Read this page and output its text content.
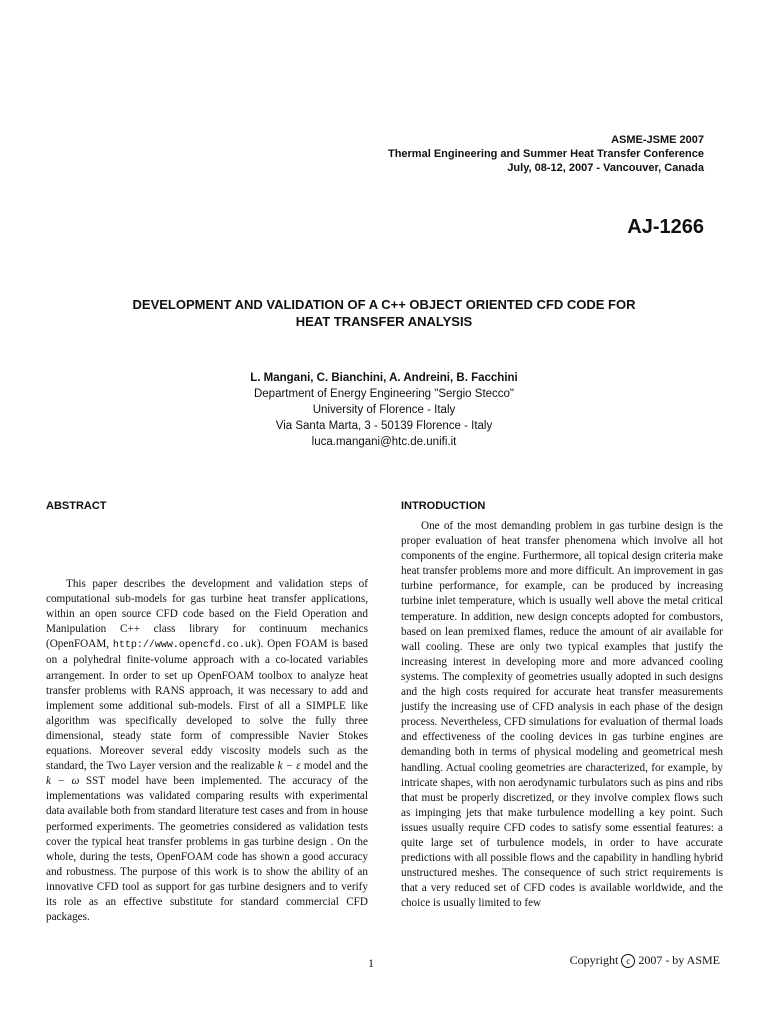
ASME-JSME 2007
Thermal Engineering and Summer Heat Transfer Conference
July, 08-12, 2007 - Vancouver, Canada
AJ-1266
DEVELOPMENT AND VALIDATION OF A C++ OBJECT ORIENTED CFD CODE FOR
HEAT TRANSFER ANALYSIS
L. Mangani, C. Bianchini, A. Andreini, B. Facchini
Department of Energy Engineering "Sergio Stecco"
University of Florence - Italy
Via Santa Marta, 3 - 50139 Florence - Italy
luca.mangani@htc.de.unifi.it
ABSTRACT	INTRODUCTION
This paper describes the development and validation steps of computational sub-models for gas turbine heat transfer applications, within an open source CFD code based on the Field Operation and Manipulation C++ class library for continuum mechanics (OpenFOAM, http://www.opencfd.co.uk). Open FOAM is based on a polyhedral finite-volume approach with a co-located variables arrangement. In order to set up OpenFOAM toolbox to analyze heat transfer problems with RANS approach, it was necessary to add and implement some additional sub-models. First of all a SIMPLE like algorithm was specifically developed to solve the fully three dimensional, steady state form of compressible Navier Stokes equations. Moreover several eddy viscosity models such as the standard, the Two Layer version and the realizable k − ε model and the k − ω SST model have been implemented. The accuracy of the implementations was validated comparing results with experimental data available both from standard literature test cases and from in house performed experiments. The geometries considered as validation tests cover the typical heat transfer problems in gas turbine design . On the whole, during the tests, OpenFOAM code has shown a good accuracy and robustness. The purpose of this work is to show the ability of an innovative CFD tool as support for gas turbine designers and to verify its role as an effective substitute for standard commercial CFD packages.
One of the most demanding problem in gas turbine design is the proper evaluation of heat transfer phenomena which involve all hot components of the engine. Furthermore, all topical design criteria make heat transfer problems more and more difficult. An improvement in gas turbine performance, for example, can be produced by increasing turbine inlet temperature, which is usually well above the metal critical temperature. In addition, new design concepts adopted for combustors, based on lean premixed flames, reduce the amount of air available for wall cooling. These are only two typical examples that justify the increasing interest in developing more and more advanced cooling systems. The complexity of geometries usually adopted in such designs and the high costs required for accurate heat transfer measurements justify the increasing use of CFD analysis in each phase of the design process. Nevertheless, CFD simulations for evaluation of thermal loads and effectiveness of the cooling devices in gas turbine engines are demanding both in terms of physical modeling and geometrical mesh handling. Actual cooling geometries are characterized, for example, by intricate shapes, with non aerodynamic turbulators such as pins and ribs that must be properly discretized, or they involve complex flows such as impinging jets that make turbulence modelling a key point. Such issues usually require CFD codes to satisfy some essential features: a quite large set of turbulence models, in order to have accurate predictions with all possible flows and the capability in handling hybrid unstructured meshes. The consequence of such strict requirements is that a very reduced set of CFD codes is available worldwide, and the choice is usually limited to few
1	Copyright c 2007 - by ASME
